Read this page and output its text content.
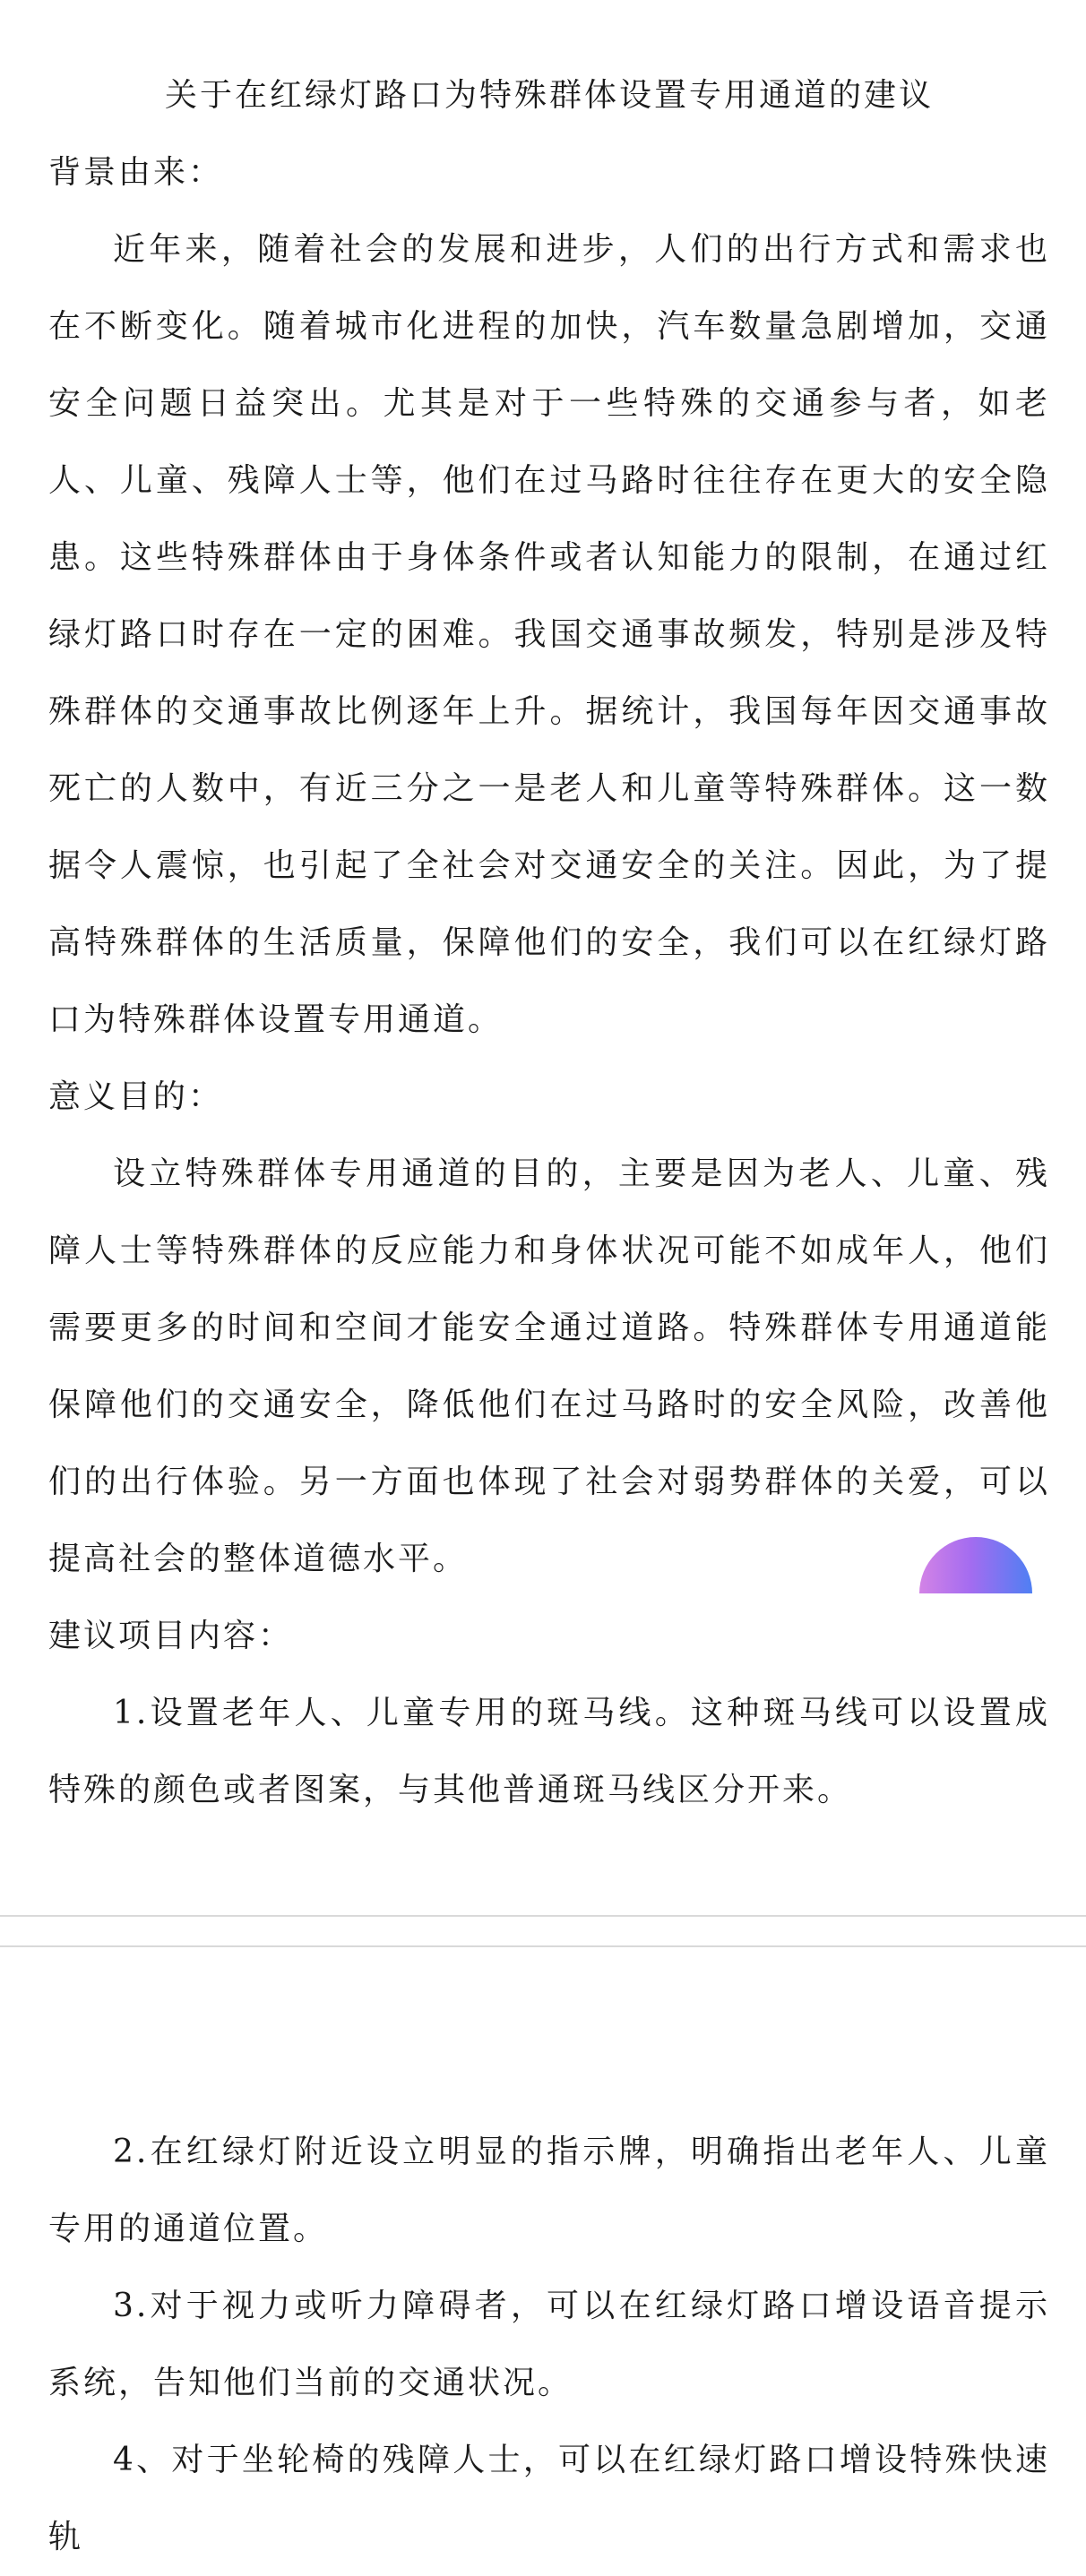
关于在红绿灯路口为特殊群体设置专用通道的建议

背景由来：

近年来，随着社会的发展和进步，人们的出行方式和需求也在不断变化。随着城市化进程的加快，汽车数量急剧增加，交通安全问题日益突出。尤其是对于一些特殊的交通参与者，如老人、儿童、残障人士等，他们在过马路时往往存在更大的安全隐患。这些特殊群体由于身体条件或者认知能力的限制，在通过红绿灯路口时存在一定的困难。我国交通事故频发，特别是涉及特殊群体的交通事故比例逐年上升。据统计，我国每年因交通事故死亡的人数中，有近三分之一是老人和儿童等特殊群体。这一数据令人震惊，也引起了全社会对交通安全的关注。因此，为了提高特殊群体的生活质量，保障他们的安全，我们可以在红绿灯路口为特殊群体设置专用通道。

意义目的：

设立特殊群体专用通道的目的，主要是因为老人、儿童、残障人士等特殊群体的反应能力和身体状况可能不如成年人，他们需要更多的时间和空间才能安全通过道路。特殊群体专用通道能保障他们的交通安全，降低他们在过马路时的安全风险，改善他们的出行体验。另一方面也体现了社会对弱势群体的关爱，可以提高社会的整体道德水平。

建议项目内容：

1.设置老年人、儿童专用的斑马线。这种斑马线可以设置成特殊的颜色或者图案，与其他普通斑马线区分开来。

2.在红绿灯附近设立明显的指示牌，明确指出老年人、儿童专用的通道位置。

3.对于视力或听力障碍者，可以在红绿灯路口增设语音提示系统，告知他们当前的交通状况。

4、对于坐轮椅的残障人士，可以在红绿灯路口增设特殊快速轨
